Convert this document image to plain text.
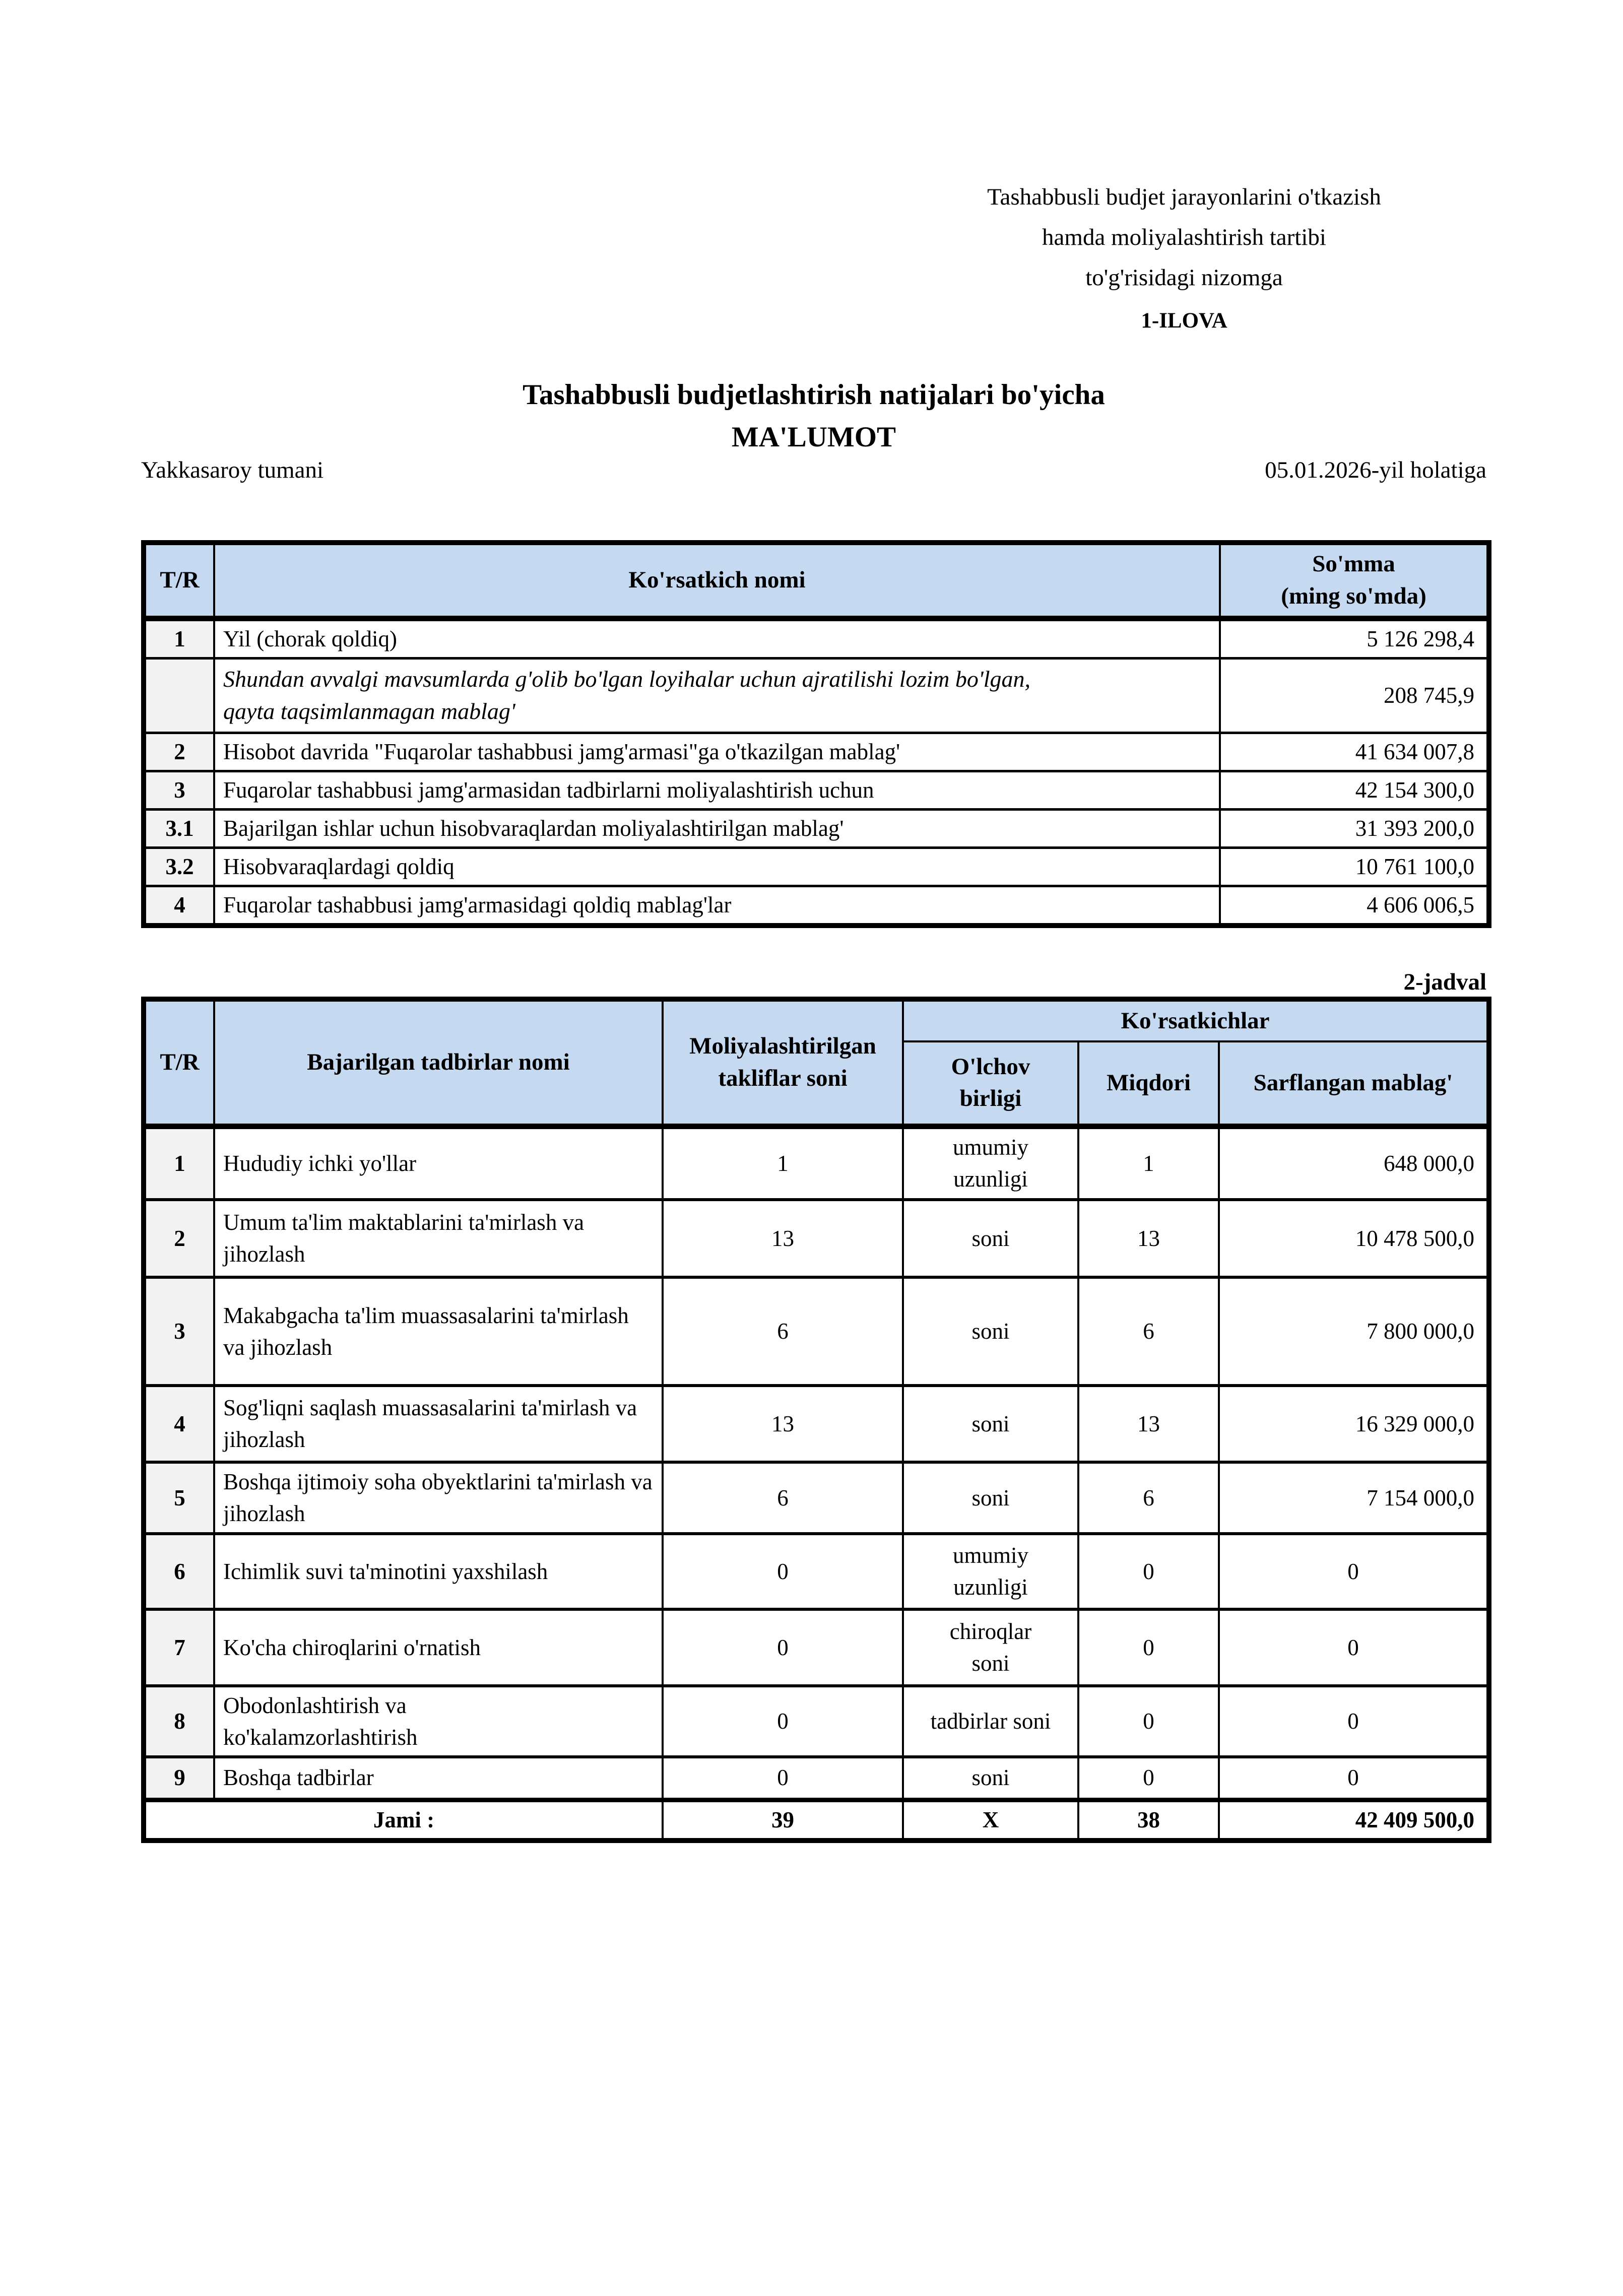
Tashabbusli budjet jarayonlarini o'tkazish
hamda moliyalashtirish tartibi
to'g'risidagi nizomga
1-ILOVA
Tashabbusli budjetlashtirish natijalari bo'yicha
MA'LUMOT
Yakkasaroy tumani	05.01.2026-yil holatiga
T/R	Ko'rsatkich nomi	So'mma
(ming so'mda)

1	Yil (chorak qoldiq)	5 126 298,4
	Shundan avvalgi mavsumlarda g'olib bo'lgan loyihalar uchun ajratilishi lozim bo'lgan, qayta taqsimlanmagan mablag'	208 745,9
2	Hisobot davrida "Fuqarolar tashabbusi jamg'armasi"ga o'tkazilgan mablag'	41 634 007,8
3	Fuqarolar tashabbusi jamg'armasidan tadbirlarni moliyalashtirish uchun	42 154 300,0
3.1	Bajarilgan ishlar uchun hisobvaraqlardan moliyalashtirilgan mablag'	31 393 200,0
3.2	Hisobvaraqlardagi qoldiq	10 761 100,0
4	Fuqarolar tashabbusi jamg'armasidagi qoldiq mablag'lar	4 606 006,5
2-jadval
T/R	Bajarilgan tadbirlar nomi	Moliyalashtirilgan takliflar soni	Ko'rsatkichlar		
			O'lchov birligi	Miqdori	Sarflangan mablag'
1	Hududiy ichki yo'llar	1	umumiy uzunligi	1	648 000,0
2	Umum ta'lim maktablarini ta'mirlash va jihozlash	13	soni	13	10 478 500,0
3	Makabgacha ta'lim muassasalarini ta'mirlash va jihozlash	6	soni	6	7 800 000,0
4	Sog'liqni saqlash muassasalarini ta'mirlash va jihozlash	13	soni	13	16 329 000,0
5	Boshqa ijtimoiy soha obyektlarini ta'mirlash va jihozlash	6	soni	6	7 154 000,0
6	Ichimlik suvi ta'minotini yaxshilash	0	umumiy uzunligi	0	0
7	Ko'cha chiroqlarini o'rnatish	0	chiroqlar soni	0	0
8	Obodonlashtirish va ko'kalamzorlashtirish	0	tadbirlar soni	0	0
9	Boshqa tadbirlar	0	soni	0	0
Jami :		39	X	38	42 409 500,0
